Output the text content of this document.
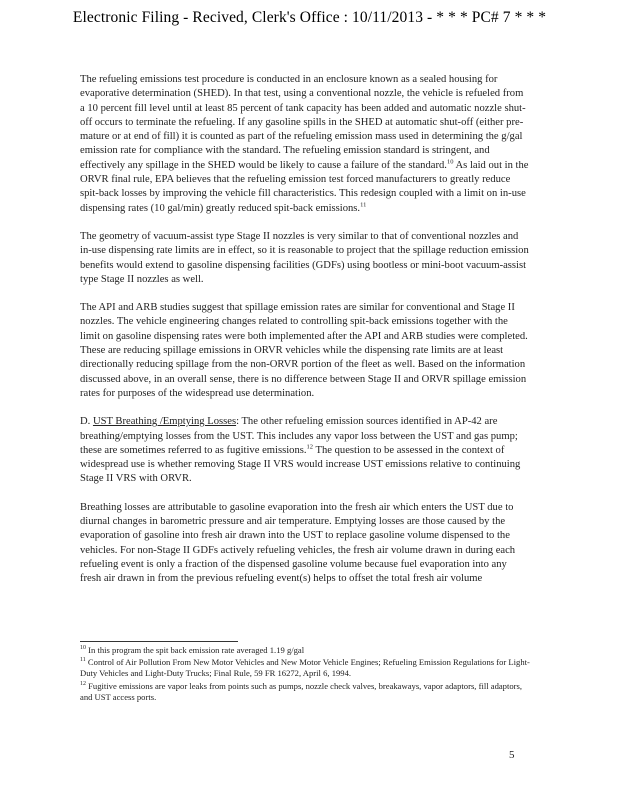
Electronic Filing - Recived, Clerk's Office : 10/11/2013 - * * * PC# 7 * * *

The refueling emissions test procedure is conducted in an enclosure known as a sealed housing for evaporative determination (SHED). In that test, using a conventional nozzle, the vehicle is refueled from a 10 percent fill level until at least 85 percent of tank capacity has been added and automatic nozzle shut-off occurs to terminate the refueling. If any gasoline spills in the SHED at automatic shut-off (either pre-mature or at end of fill) it is counted as part of the refueling emission mass used in determining the g/gal emission rate for compliance with the standard. The refueling emission standard is stringent, and effectively any spillage in the SHED would be likely to cause a failure of the standard.$^{10}$ As laid out in the ORVR final rule, EPA believes that the refueling emission test forced manufacturers to greatly reduce spit-back losses by improving the vehicle fill characteristics. This redesign coupled with a limit on in-use dispensing rates (10 gal/min) greatly reduced spit-back emissions.$^{11}$

The geometry of vacuum-assist type Stage II nozzles is very similar to that of conventional nozzles and in-use dispensing rate limits are in effect, so it is reasonable to project that the spillage reduction emission benefits would extend to gasoline dispensing facilities (GDFs) using bootless or mini-boot vacuum-assist type Stage II nozzles as well.

The API and ARB studies suggest that spillage emission rates are similar for conventional and Stage II nozzles. The vehicle engineering changes related to controlling spit-back emissions together with the limit on gasoline dispensing rates were both implemented after the API and ARB studies were completed. These are reducing spillage emissions in ORVR vehicles while the dispensing rate limits are at least directionally reducing spillage from the non-ORVR portion of the fleet as well. Based on the information discussed above, in an overall sense, there is no difference between Stage II and ORVR spillage emission rates for purposes of the widespread use determination.

D. UST Breathing /Emptying Losses: The other refueling emission sources identified in AP-42 are breathing/emptying losses from the UST. This includes any vapor loss between the UST and gas pump; these are sometimes referred to as fugitive emissions.$^{12}$ The question to be assessed in the context of widespread use is whether removing Stage II VRS would increase UST emissions relative to continuing Stage II VRS with ORVR.

Breathing losses are attributable to gasoline evaporation into the fresh air which enters the UST due to diurnal changes in barometric pressure and air temperature. Emptying losses are those caused by the evaporation of gasoline into fresh air drawn into the UST to replace gasoline volume dispensed to the vehicles. For non-Stage II GDFs actively refueling vehicles, the fresh air volume drawn in during each refueling event is only a fraction of the dispensed gasoline volume because fuel evaporation into any fresh air drawn in from the previous refueling event(s) helps to offset the total fresh air volume

$^{10}$ In this program the spit back emission rate averaged 1.19 g/gal
$^{11}$ Control of Air Pollution From New Motor Vehicles and New Motor Vehicle Engines; Refueling Emission Regulations for Light-Duty Vehicles and Light-Duty Trucks; Final Rule, 59 FR 16272, April 6, 1994.
$^{12}$ Fugitive emissions are vapor leaks from points such as pumps, nozzle check valves, breakaways, vapor adaptors, fill adaptors, and UST access ports.
5
